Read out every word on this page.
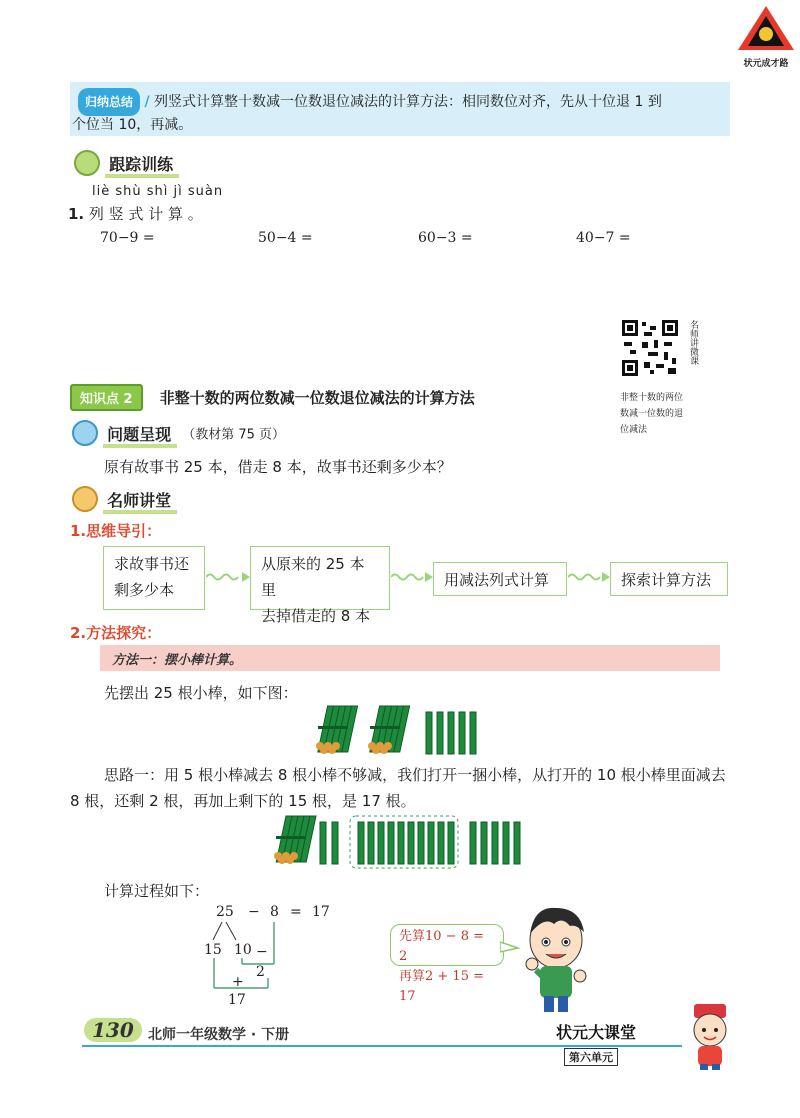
状元成才路
归纳总结 / 列竖式计算整十数减一位数退位减法的计算方法：相同数位对齐，先从十位退 1 到
个位当 10，再减。
跟踪训练
liè shù shì jì suàn
1. 列 竖 式 计 算 。
70−9 =	50−4 =	60−3 =	40−7 =
名师讲微课
非整十数的两位
数减一位数的退
位减法
知识点 2 非整十数的两位数减一位数退位减法的计算方法
问题呈现 （教材第 75 页）
原有故事书 25 本，借走 8 本，故事书还剩多少本？
名师讲堂
1.思维导引：
求故事书还
剩多少本
从原来的 25 本里
去掉借走的 8 本
用减法列式计算	探索计算方法
2.方法探究：
方法一：摆小棒计算。
先摆出 25 根小棒，如下图：
思路一：用 5 根小棒减去 8 根小棒不够减，我们打开一捆小棒，从打开的 10 根小棒里面减去
8 根，还剩 2 根，再加上剩下的 15 根，是 17 根。
计算过程如下：
25 − 8 = 17
15 10 −
2
+
17
先算10 − 8 = 2
再算2 + 15 = 17
130	北师一年级数学 · 下册	状元大课堂
第六单元
